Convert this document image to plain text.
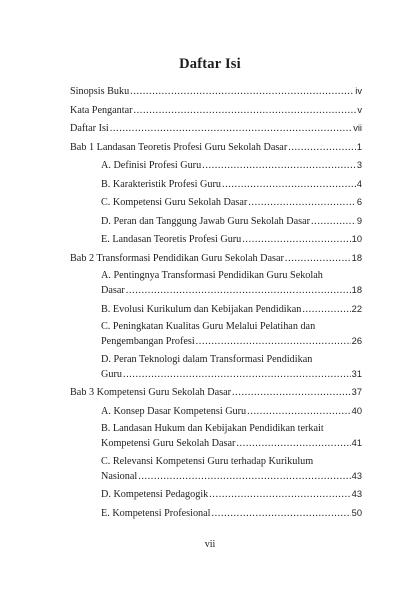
Daftar Isi
Sinopsis Buku .....	iv
Kata Pengantar .....	v
Daftar Isi .....	vii
Bab 1 Landasan Teoretis Profesi Guru Sekolah Dasar .....	1
A. Definisi Profesi Guru .....	3
B. Karakteristik Profesi Guru .....	4
C. Kompetensi Guru Sekolah Dasar .....	6
D. Peran dan Tanggung Jawab Guru Sekolah Dasar .....	9
E. Landasan Teoretis Profesi Guru .....	10
Bab 2 Transformasi Pendidikan Guru Sekolah Dasar .....	18
A. Pentingnya Transformasi Pendidikan Guru Sekolah
Dasar .....	18
B. Evolusi Kurikulum dan Kebijakan Pendidikan .....	22
C. Peningkatan Kualitas Guru Melalui Pelatihan dan
Pengembangan Profesi .....	26
D. Peran Teknologi dalam Transformasi Pendidikan
Guru .....	31
Bab 3 Kompetensi Guru Sekolah Dasar .....	37
A. Konsep Dasar Kompetensi Guru .....	40
B. Landasan Hukum dan Kebijakan Pendidikan terkait
Kompetensi Guru Sekolah Dasar .....	41
C. Relevansi Kompetensi Guru terhadap Kurikulum
Nasional .....	43
D. Kompetensi Pedagogik .....	43
E. Kompetensi Profesional .....	50
vii
